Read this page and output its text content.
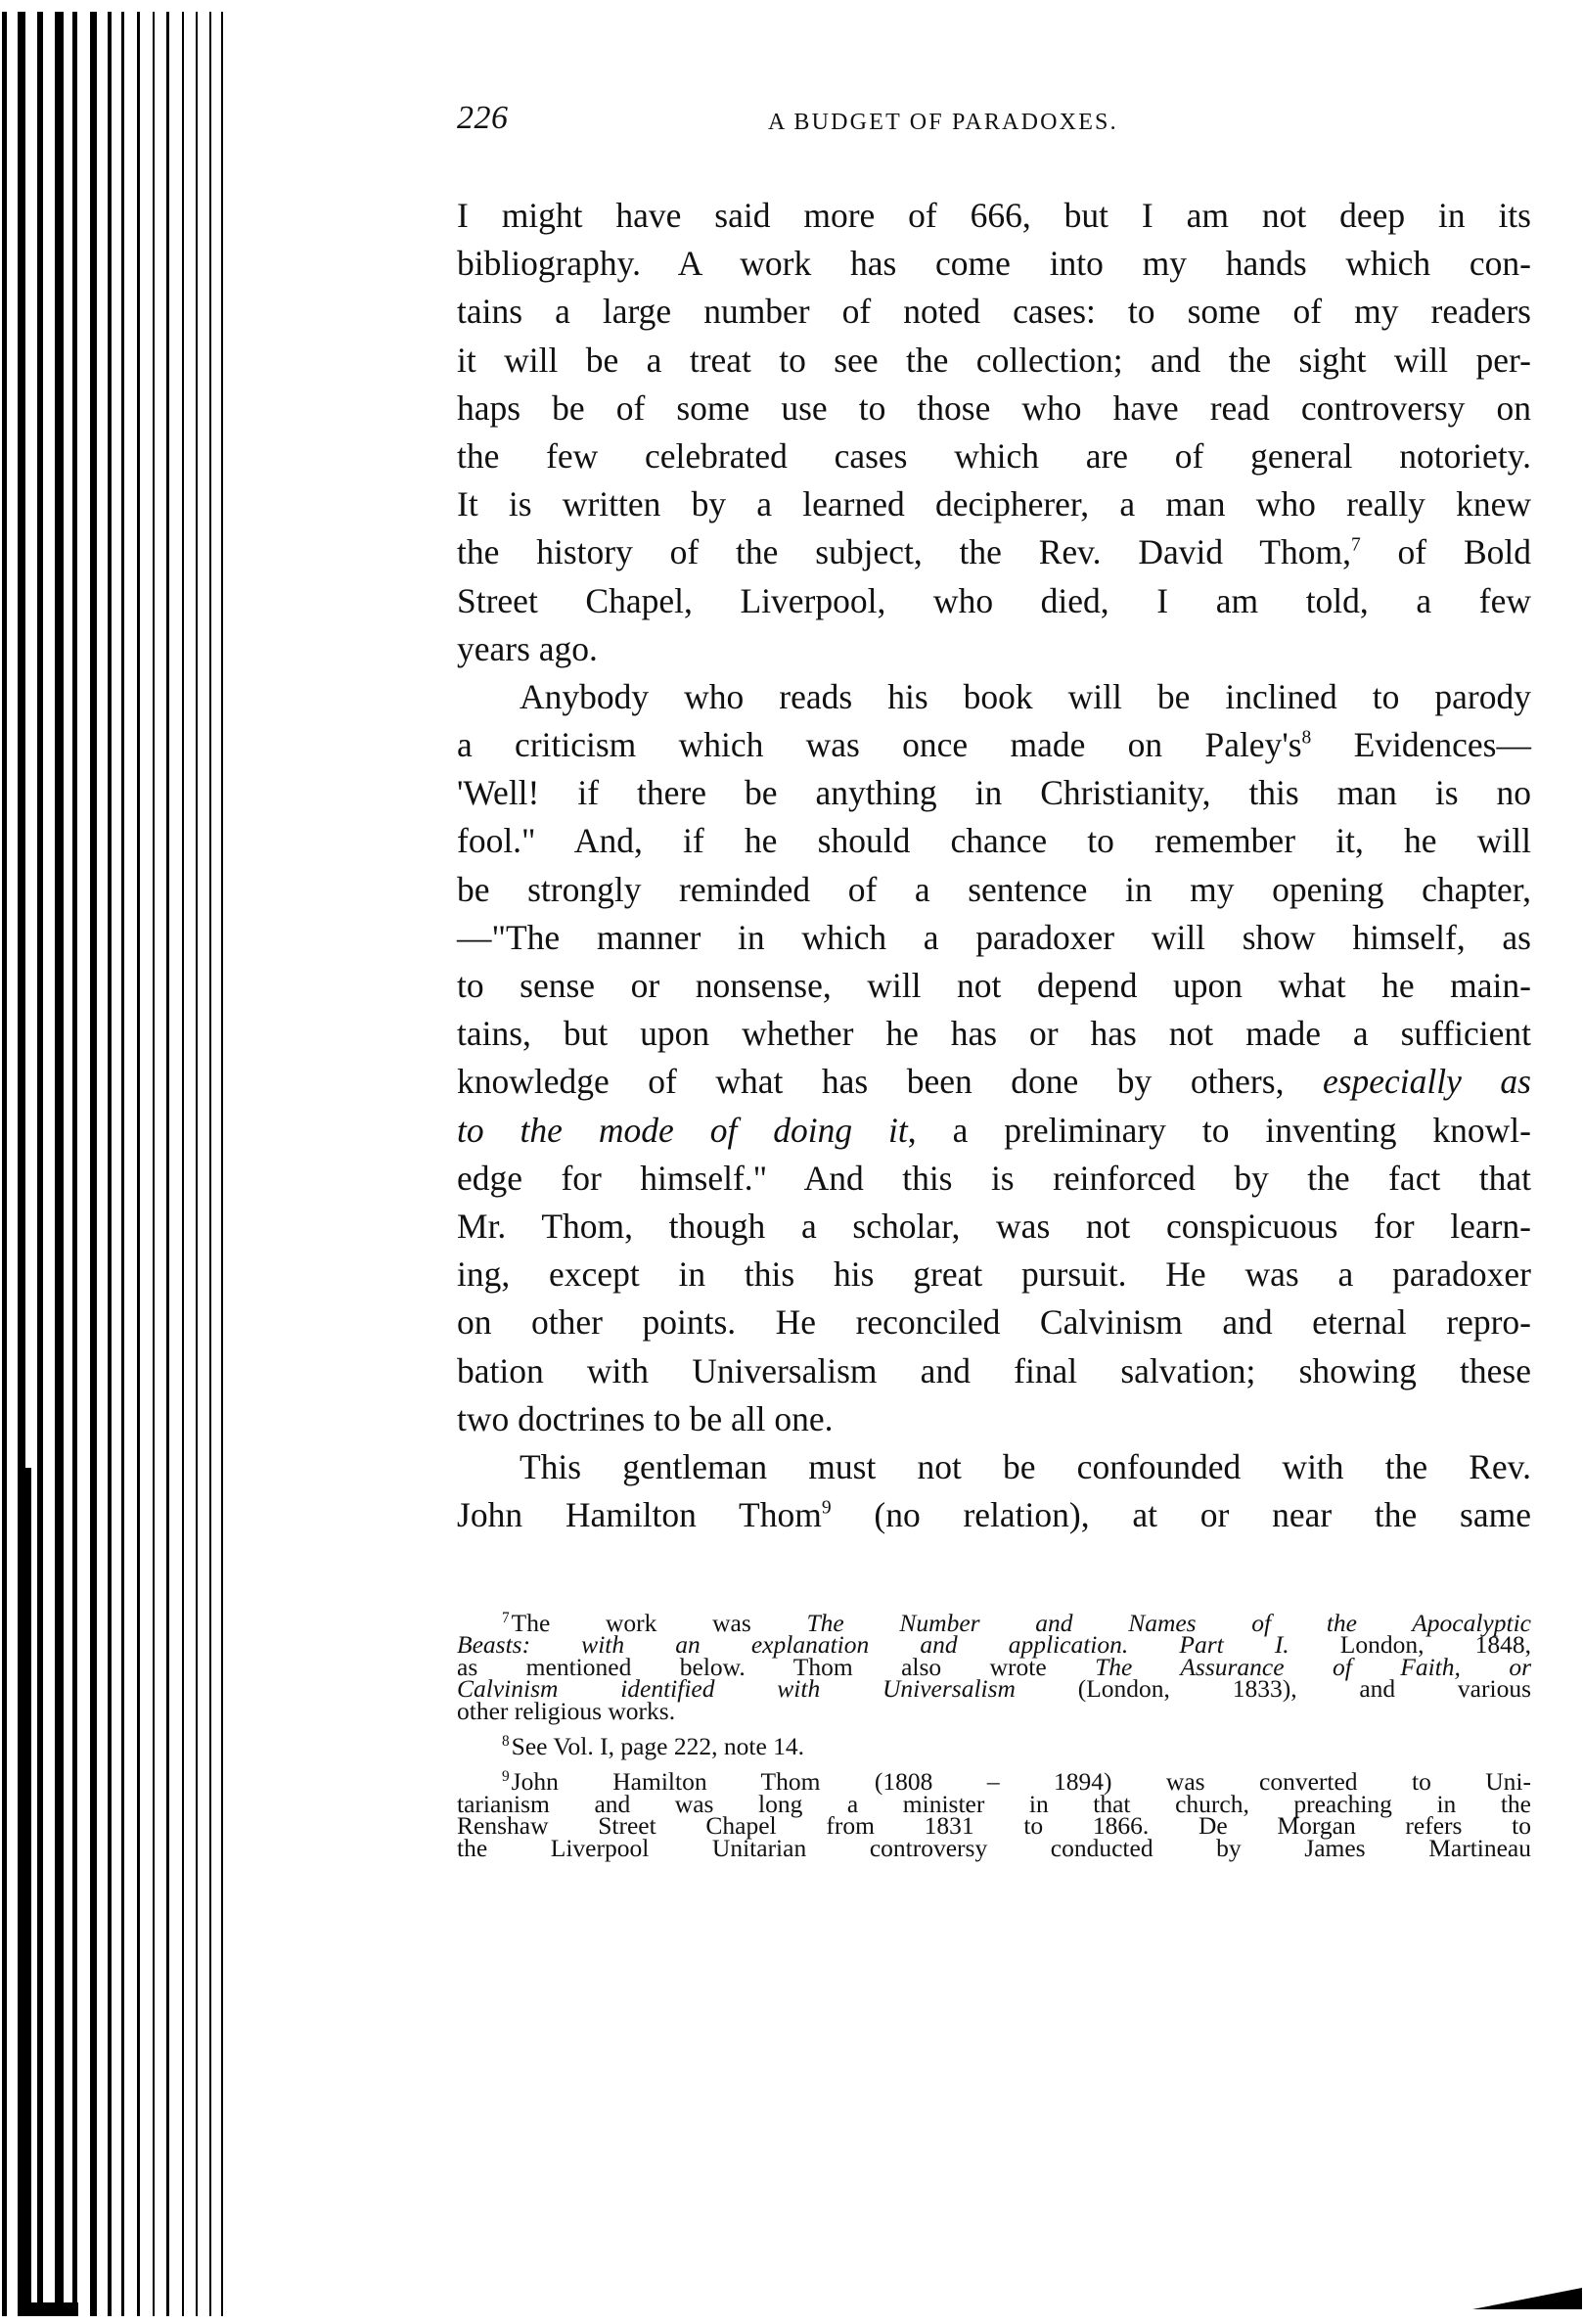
226	A BUDGET OF PARADOXES.
I might have said more of 666, but I am not deep in its
bibliography. A work has come into my hands which con-
tains a large number of noted cases: to some of my readers
it will be a treat to see the collection; and the sight will per-
haps be of some use to those who have read controversy on
the few celebrated cases which are of general notoriety.
It is written by a learned decipherer, a man who really knew
the history of the subject, the Rev. David Thom,$^7$ of Bold
Street Chapel, Liverpool, who died, I am told, a few
years ago.
Anybody who reads his book will be inclined to parody
a criticism which was once made on $Paley's^8$ Evidences—
'Well! if there be anything in Christianity, this man is no
fool." And, if he should chance to remember it, he will
be strongly reminded of a sentence in my opening chapter,
—"The manner in which a paradoxer will show himself, as
to sense or nonsense, will not depend upon what he main-
tains, but upon whether he has or has not made a sufficient
knowledge of what has been done by others, especially as
to the mode of doing it, a preliminary to inventing knowl-
edge for himself." And this is reinforced by the fact that
Mr. Thom, though a scholar, was not conspicuous for learn-
ing, except in this his great pursuit. He was a paradoxer
on other points. He reconciled Calvinism and eternal repro-
bation with Universalism and final salvation; showing these
two doctrines to be all one.
This gentleman must not be confounded with the Rev.
John Hamilton Thom$^9$ (no relation), at or near the same
$^7$The work was The Number and Names of the Apocalyptic
Beasts: with an explanation and application. Part I. London, 1848,
as mentioned below. Thom also wrote The Assurance of Faith, or
Calvinism identified with Universalism (London, 1833), and various
other religious works.
$^8$See Vol. I, page 222, note 14.
$^9$John Hamilton Thom (1808 – 1894) was converted to Uni-
tarianism and was long a minister in that church, preaching in the
Renshaw Street Chapel from 1831 to 1866. De Morgan refers to
the Liverpool Unitarian controversy conducted by James Martineau
